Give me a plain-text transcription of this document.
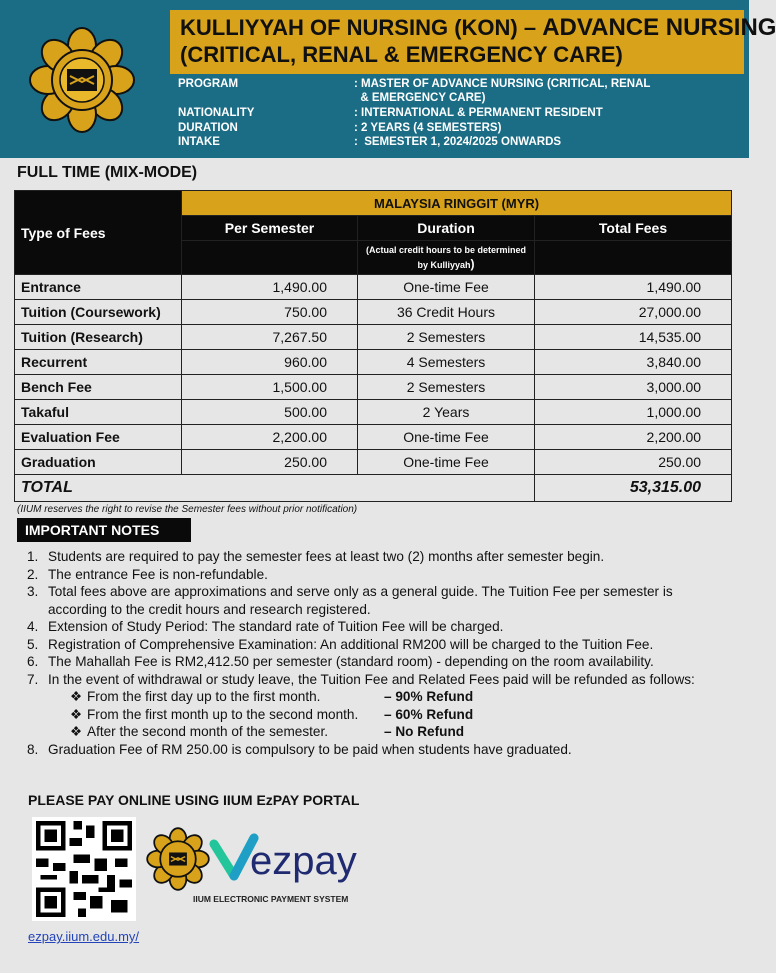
KULLIYYAH OF NURSING (KON) – ADVANCE NURSING
(CRITICAL, RENAL & EMERGENCY CARE)
PROGRAM	: MASTER OF ADVANCE NURSING (CRITICAL, RENAL
& EMERGENCY CARE)
NATIONALITY	: INTERNATIONAL & PERMANENT RESIDENT
DURATION	: 2 YEARS (4 SEMESTERS)
INTAKE	:  SEMESTER 1, 2024/2025 ONWARDS
FULL TIME (MIX-MODE)
Type of Fees	MALAYSIA RINGGIT (MYR)		
	Per Semester	Duration	Total Fees
		(Actual credit hours to be determined by Kulliyyah)	
Entrance	1,490.00	One-time Fee	1,490.00
Tuition (Coursework)	750.00	36 Credit Hours	27,000.00
Tuition (Research)	7,267.50	2 Semesters	14,535.00
Recurrent	960.00	4 Semesters	3,840.00
Bench Fee	1,500.00	2 Semesters	3,000.00
Takaful	500.00	2 Years	1,000.00
Evaluation Fee	2,200.00	One-time Fee	2,200.00
Graduation	250.00	One-time Fee	250.00
TOTAL			53,315.00
(IIUM reserves the right to revise the Semester fees without prior notification)
IMPORTANT NOTES
1. Students are required to pay the semester fees at least two (2) months after semester begin.
2. The entrance Fee is non-refundable.
3. Total fees above are approximations and serve only as a general guide. The Tuition Fee per semester is according to the credit hours and research registered.
4. Extension of Study Period: The standard rate of Tuition Fee will be charged.
5. Registration of Comprehensive Examination: An additional RM200 will be charged to the Tuition Fee.
6. The Mahallah Fee is RM2,412.50 per semester (standard room) - depending on the room availability.
7. In the event of withdrawal or study leave, the Tuition Fee and Related Fees paid will be refunded as follows:
❖ From the first day up to the first month.	– 90% Refund
❖ From the first month up to the second month. – 60% Refund
❖ After the second month of the semester.	– No Refund
8. Graduation Fee of RM 250.00 is compulsory to be paid when students have graduated.
PLEASE PAY ONLINE USING IIUM EzPAY PORTAL
ezpay
IIUM ELECTRONIC PAYMENT SYSTEM
ezpay.iium.edu.my/
